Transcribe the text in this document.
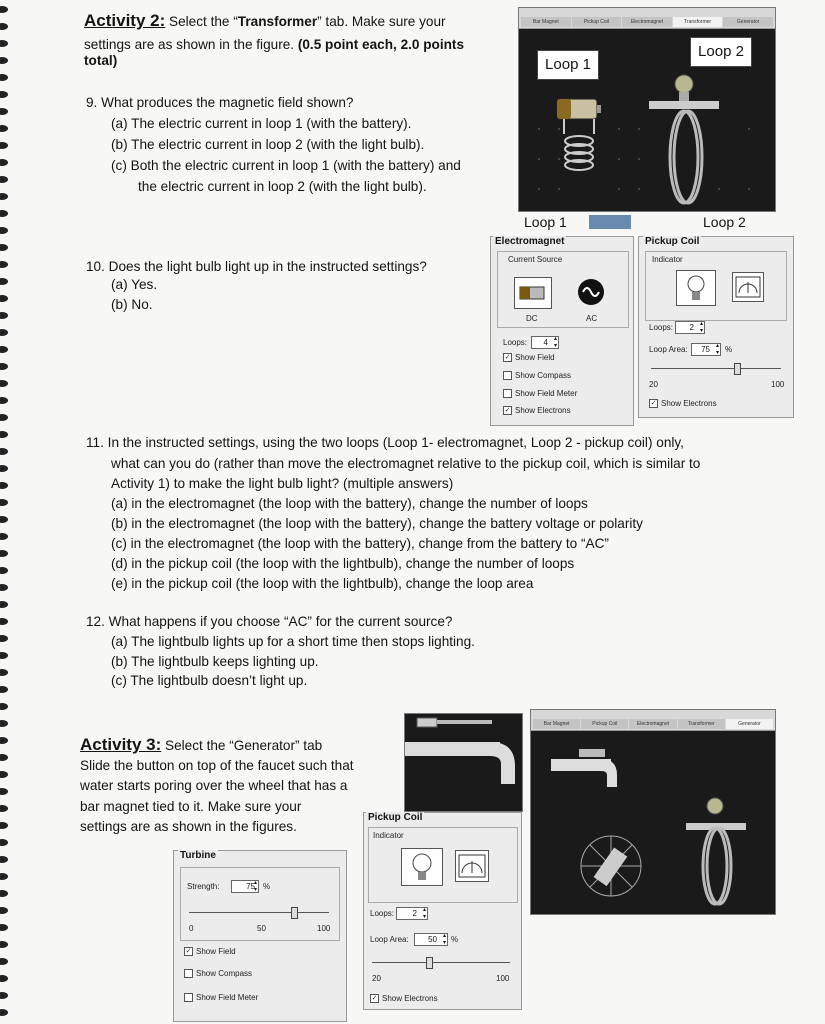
Activity 2: Select the “Transformer” tab. Make sure your
settings are as shown in the figure. (0.5 point each, 2.0 points
total)
9. What produces the magnetic field shown?
(a) The electric current in loop 1 (with the battery).
(b) The electric current in loop 2 (with the light bulb).
(c) Both the electric current in loop 1 (with the battery) and
the electric current in loop 2 (with the light bulb).
10. Does the light bulb light up in the instructed settings?
(a) Yes.
(b) No.
11. In the instructed settings, using the two loops (Loop 1- electromagnet, Loop 2 - pickup coil) only,
what can you do (rather than move the electromagnet relative to the pickup coil, which is similar to
Activity 1) to make the light bulb light? (multiple answers)
(a) in the electromagnet (the loop with the battery), change the number of loops
(b) in the electromagnet (the loop with the battery), change the battery voltage or polarity
(c) in the electromagnet (the loop with the battery), change from the battery to “AC”
(d) in the pickup coil (the loop with the lightbulb), change the number of loops
(e) in the pickup coil (the loop with the lightbulb), change the loop area
12. What happens if you choose “AC” for the current source?
(a) The lightbulb lights up for a short time then stops lighting.
(b) The lightbulb keeps lighting up.
(c) The lightbulb doesn’t light up.
Activity 3: Select the “Generator” tab
Slide the button on top of the faucet such that
water starts poring over the wheel that has a
bar magnet tied to it. Make sure your
settings are as shown in the figures.
Bar Magnet	Pickup Coil	Electromagnet	Transformer	Generator
Loop 1
Loop 2
Loop 1	Loop 2
Electromagnet
Current Source
DC	AC
Loops:	4 ▴▾
✓ Show Field
Show Compass
Show Field Meter
✓ Show Electrons
Pickup Coil
Indicator
Loops:	2 ▴▾
Loop Area:	75 ▴▾	%
20	100
✓ Show Electrons
Bar Magnet	Pickup Coil	Electromagnet	Transformer	Generator
Turbine
Strength:	75 ▴▾	%
0	50	100
✓ Show Field
Show Compass
Show Field Meter
Pickup Coil
Indicator
Loops:	2 ▴▾
Loop Area:	50 ▴▾	%
20	100
✓ Show Electrons
